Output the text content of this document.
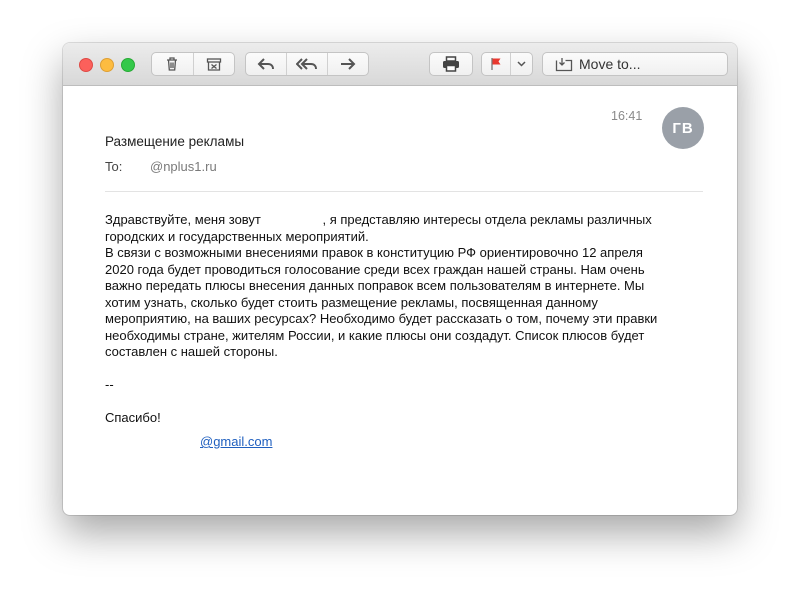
Move to...
16:41
ГВ
Размещение рекламы
To: @nplus1.ru

Здравствуйте, меня зовут	, я представляю интересы отдела рекламы различных

городских и государственных мероприятий.

В связи с возможными внесениями правок в конституцию РФ ориентировочно 12 апреля

2020 года будет проводиться голосование среди всех граждан нашей страны. Нам очень

важно передать плюсы внесения данных поправок всем пользователям в интернете. Мы

хотим узнать, сколько будет стоить размещение рекламы, посвященная данному

мероприятию, на ваших ресурсах? Необходимо будет рассказать о том, почему эти правки

необходимы стране, жителям России, и какие плюсы они создадут. Список плюсов будет

составлен с нашей стороны.

--

Спасибо!

@gmail.com
